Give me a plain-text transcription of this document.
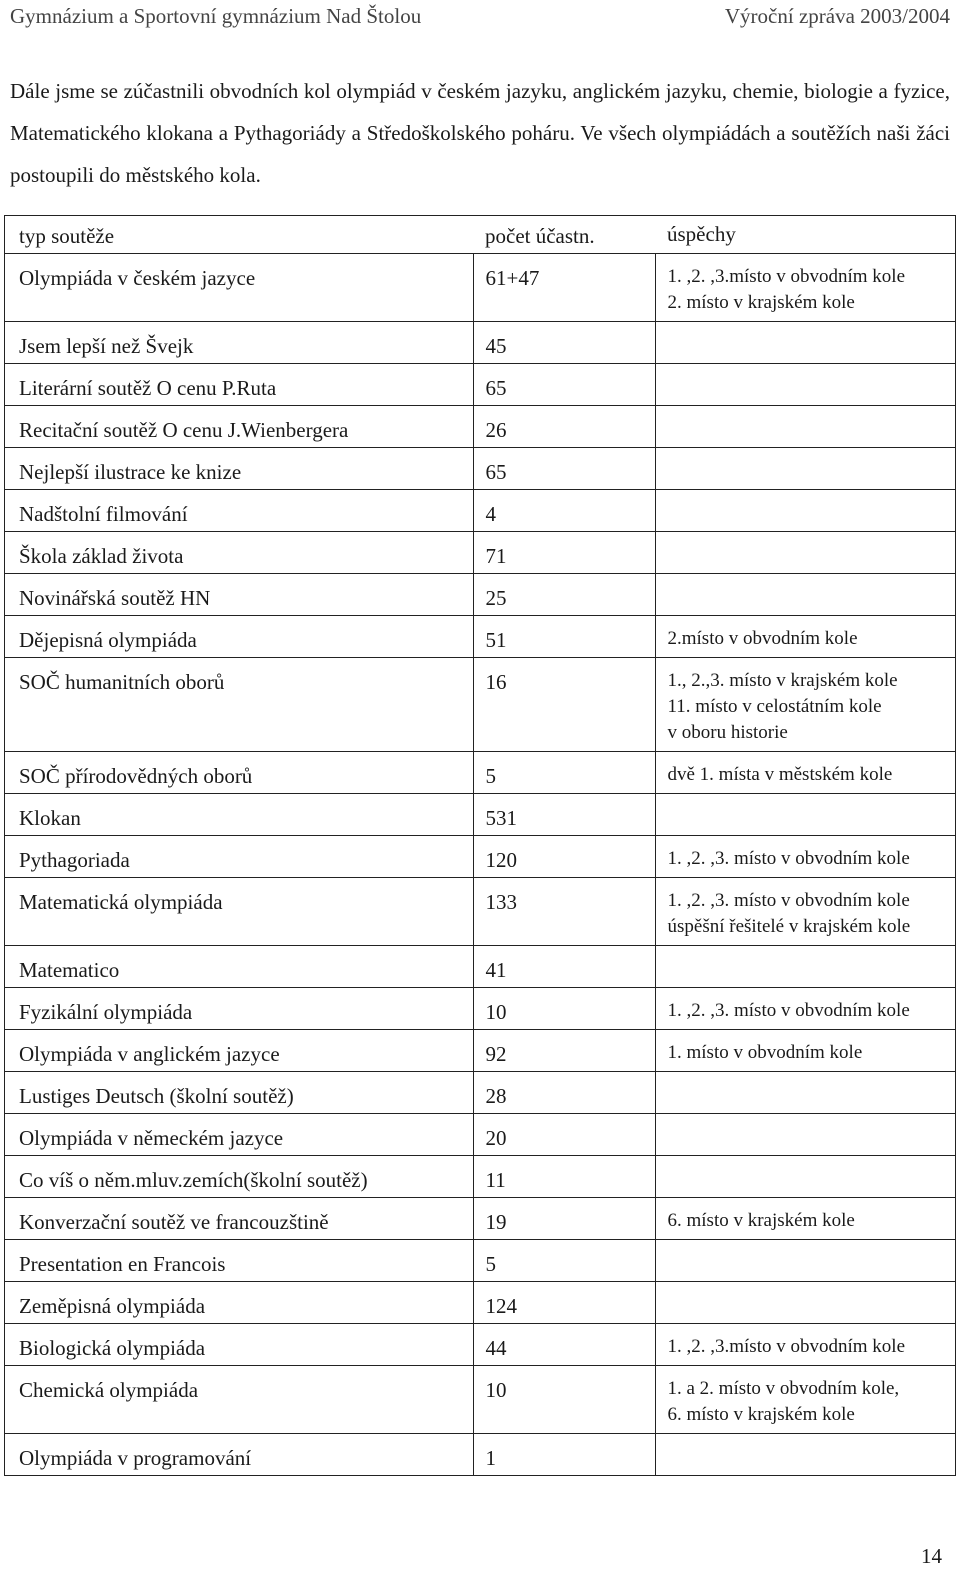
Gymnázium a Sportovní gymnázium Nad Štolou	Výroční zpráva 2003/2004

Dále jsme se zúčastnili obvodních kol olympiád v českém jazyku, anglickém jazyku, chemie, biologie a fyzice, Matematického klokana a Pythagoriády a Středoškolského poháru. Ve všech olympiádách a soutěžích naši žáci postoupili do městského kola.

typ soutěže	počet účastn.	úspěchy
Olympiáda v českém jazyce	61+47	1. ,2. ,3.místo v obvodním kole
2. místo v krajském kole

Jsem lepší než Švejk	45	
Literární soutěž O cenu P.Ruta	65	
Recitační soutěž O cenu J.Wienbergera	26	
Nejlepší ilustrace ke knize	65	
Nadštolní filmování	4	
Škola základ života	71	
Novinářská soutěž HN	25	
Dějepisná olympiáda	51	2.místo v obvodním kole

SOČ humanitních oborů	16	1., 2.,3. místo v krajském kole
11. místo v celostátním kole
v oboru historie

SOČ přírodovědných oborů	5	dvě 1. místa v městském kole

Klokan	531	
Pythagoriada	120	1. ,2. ,3. místo v obvodním kole

Matematická olympiáda	133	1. ,2. ,3. místo v obvodním kole
úspěšní řešitelé v krajském kole

Matematico	41	
Fyzikální olympiáda	10	1. ,2. ,3. místo v obvodním kole

Olympiáda v anglickém jazyce	92	1. místo v obvodním kole

Lustiges Deutsch (školní soutěž)	28	
Olympiáda v německém jazyce	20	
Co víš o něm.mluv.zemích(školní soutěž)	11	
Konverzační soutěž ve francouzštině	19	6. místo v krajském kole

Presentation en Francois	5	
Zeměpisná olympiáda	124	
Biologická olympiáda	44	1. ,2. ,3.místo v obvodním kole

Chemická olympiáda	10	1. a 2. místo v obvodním kole,
6. místo v krajském kole

Olympiáda v programování	1	
14
